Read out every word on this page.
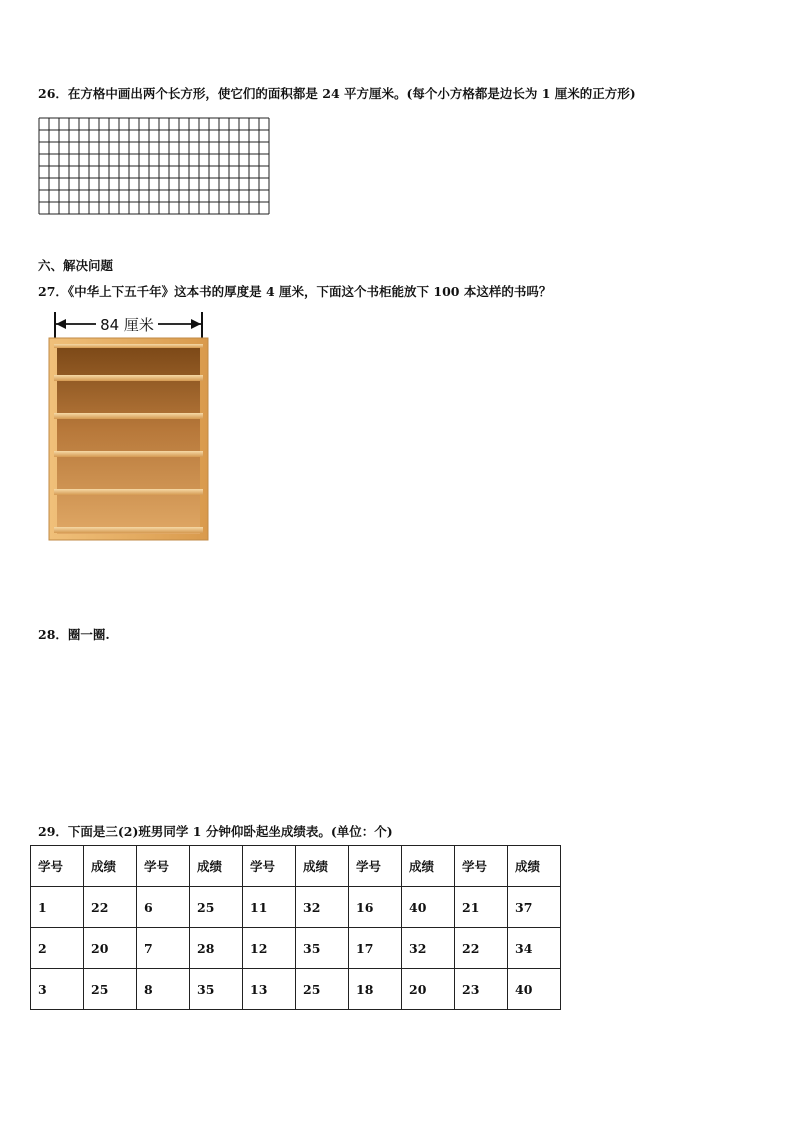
26．在方格中画出两个长方形，使它们的面积都是 24 平方厘米。(每个小方格都是边长为 1 厘米的正方形)
六、解决问题
27．《中华上下五千年》这本书的厚度是 4 厘米，下面这个书柜能放下 100 本这样的书吗？
84 厘米
28．圈一圈.
29．下面是三(2)班男同学 1 分钟仰卧起坐成绩表。(单位：个)
学号	成绩	学号	成绩	学号	成绩	学号	成绩	学号	成绩
1	22	6	25	11	32	16	40	21	37
2	20	7	28	12	35	17	32	22	34
3	25	8	35	13	25	18	20	23	40
